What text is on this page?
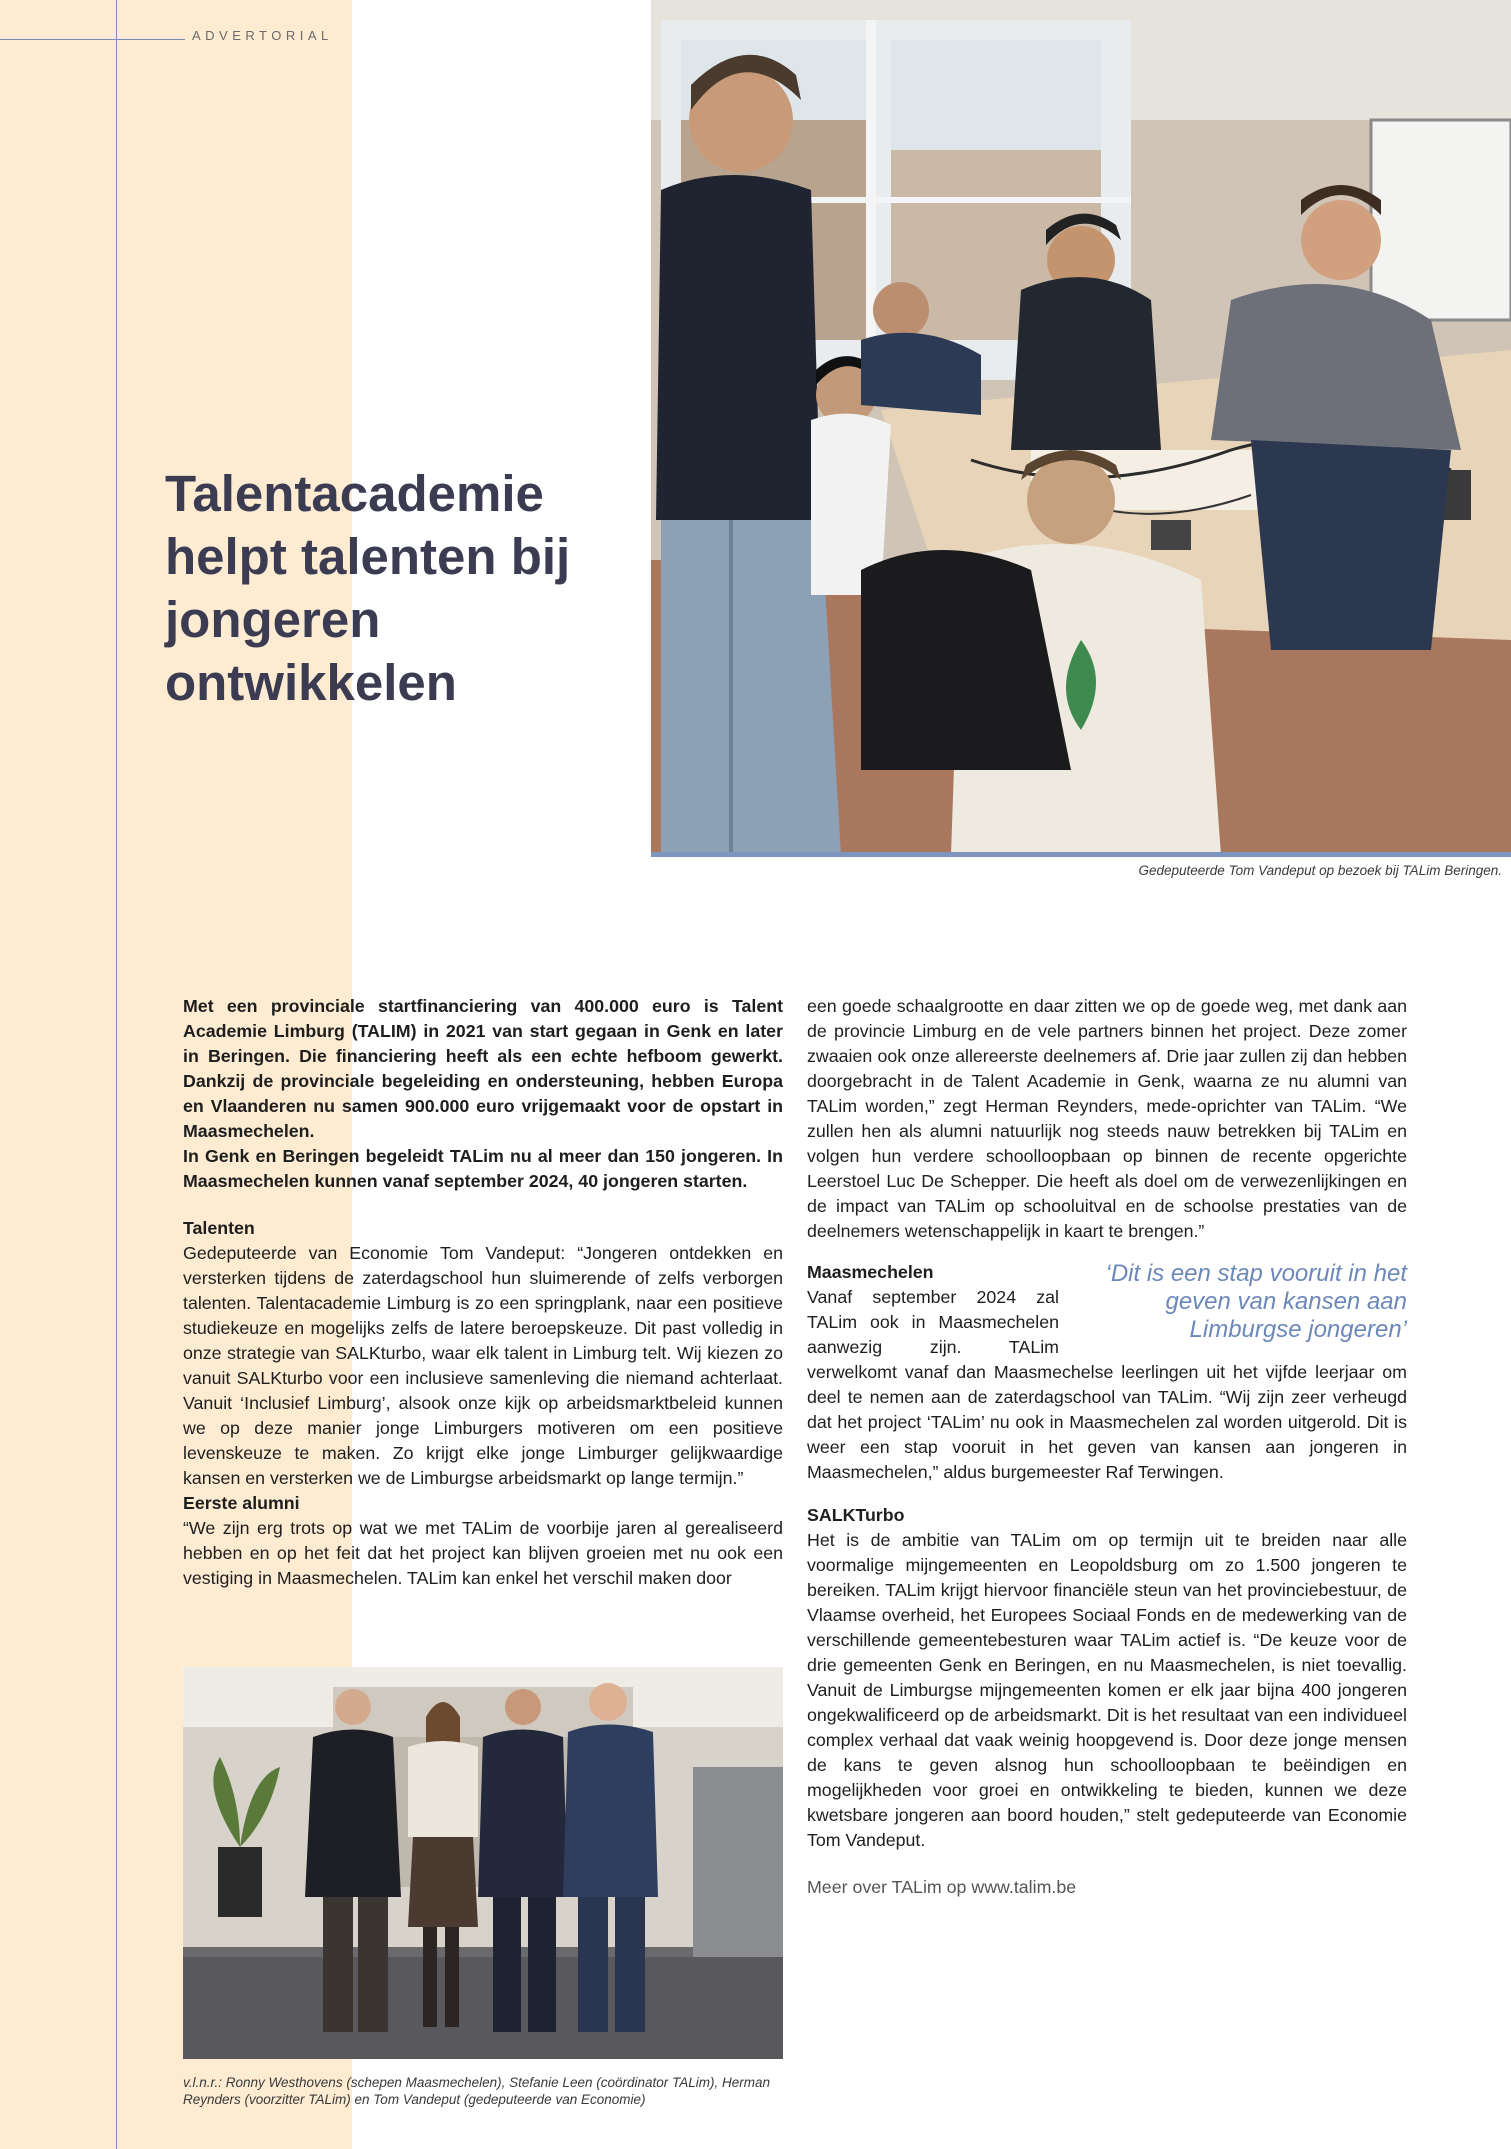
ADVERTORIAL
Talentacademie helpt talenten bij jongeren ontwikkelen
Gedeputeerde Tom Vandeput op bezoek bij TALim Beringen.

Met een provinciale startfinanciering van 400.000 euro is Talent Academie Limburg (TALIM) in 2021 van start gegaan in Genk en later in Beringen. Die financiering heeft als een echte hefboom gewerkt. Dankzij de provinciale begeleiding en ondersteuning, hebben Europa en Vlaanderen nu samen 900.000 euro vrijgemaakt voor de opstart in Maasmechelen.

In Genk en Beringen begeleidt TALim nu al meer dan 150 jongeren. In Maasmechelen kunnen vanaf september 2024, 40 jongeren starten.

Talenten

Gedeputeerde van Economie Tom Vandeput: “Jongeren ontdekken en versterken tijdens de zaterdagschool hun sluimerende of zelfs verborgen talenten. Talentacademie Limburg is zo een springplank, naar een positieve studiekeuze en mogelijks zelfs de latere beroepskeuze. Dit past volledig in onze strategie van SALKturbo, waar elk talent in Limburg telt. Wij kiezen zo vanuit SALKturbo voor een inclusieve samenleving die niemand achterlaat. Vanuit ‘Inclusief Limburg’, alsook onze kijk op arbeidsmarktbeleid kunnen we op deze manier jonge Limburgers motiveren om een positieve levenskeuze te maken. Zo krijgt elke jonge Limburger gelijkwaardige kansen en versterken we de Limburgse arbeidsmarkt op lange termijn.”

Eerste alumni

“We zijn erg trots op wat we met TALim de voorbije jaren al gerealiseerd hebben en op het feit dat het project kan blijven groeien met nu ook een vestiging in Maasmechelen. TALim kan enkel het verschil maken door

v.l.n.r.: Ronny Westhovens (schepen Maasmechelen), Stefanie Leen (coördinator TALim), Herman Reynders (voorzitter TALim) en Tom Vandeput (gedeputeerde van Economie)

een goede schaalgrootte en daar zitten we op de goede weg, met dank aan de provincie Limburg en de vele partners binnen het project. Deze zomer zwaaien ook onze allereerste deelnemers af. Drie jaar zullen zij dan hebben doorgebracht in de Talent Academie in Genk, waarna ze nu alumni van TALim worden,” zegt Herman Reynders, mede-oprichter van TALim. “We zullen hen als alumni natuurlijk nog steeds nauw betrekken bij TALim en volgen hun verdere schoolloopbaan op binnen de recente opgerichte Leerstoel Luc De Schepper. Die heeft als doel om de verwezenlijkingen en de impact van TALim op schooluitval en de schoolse prestaties van de deelnemers wetenschappelijk in kaart te brengen.”

‘Dit is een stap vooruit in het geven van kansen aan Limburgse jongeren’
Maasmechelen

Vanaf september 2024 zal TALim ook in Maasmechelen aanwezig zijn. TALim verwelkomt vanaf dan Maasmechelse leerlingen uit het vijfde leerjaar om deel te nemen aan de zaterdagschool van TALim. “Wij zijn zeer verheugd dat het project ‘TALim’ nu ook in Maasmechelen zal worden uitgerold. Dit is weer een stap vooruit in het geven van kansen aan jongeren in Maasmechelen,” aldus burgemeester Raf Terwingen.

SALKTurbo

Het is de ambitie van TALim om op termijn uit te breiden naar alle voormalige mijngemeenten en Leopoldsburg om zo 1.500 jongeren te bereiken. TALim krijgt hiervoor financiële steun van het provinciebestuur, de Vlaamse overheid, het Europees Sociaal Fonds en de medewerking van de verschillende gemeentebesturen waar TALim actief is. “De keuze voor de drie gemeenten Genk en Beringen, en nu Maasmechelen, is niet toevallig. Vanuit de Limburgse mijngemeenten komen er elk jaar bijna 400 jongeren ongekwalificeerd op de arbeidsmarkt. Dit is het resultaat van een individueel complex verhaal dat vaak weinig hoopgevend is. Door deze jonge mensen de kans te geven alsnog hun schoolloopbaan te beëindigen en mogelijkheden voor groei en ontwikkeling te bieden, kunnen we deze kwetsbare jongeren aan boord houden,” stelt gedeputeerde van Economie Tom Vandeput.

Meer over TALim op www.talim.be
